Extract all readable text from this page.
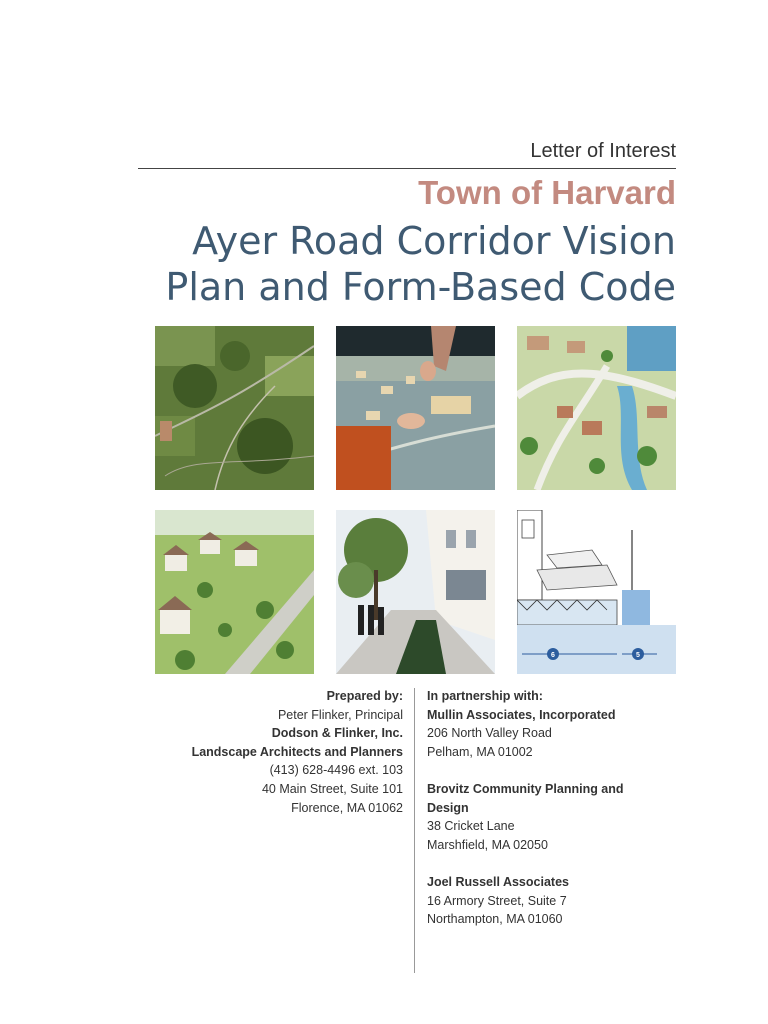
Letter of Interest
Town of Harvard
Ayer Road Corridor Vision
Plan and Form-Based Code
6	5
Prepared by:
Peter Flinker, Principal
Dodson & Flinker, Inc.
Landscape Architects and Planners
(413) 628-4496 ext. 103
40 Main Street, Suite 101
Florence, MA 01062
In partnership with:
Mullin Associates, Incorporated
206 North Valley Road
Pelham, MA 01002
Brovitz Community Planning and
Design
38 Cricket Lane
Marshfield, MA 02050
Joel Russell Associates
16 Armory Street, Suite 7
Northampton, MA 01060
